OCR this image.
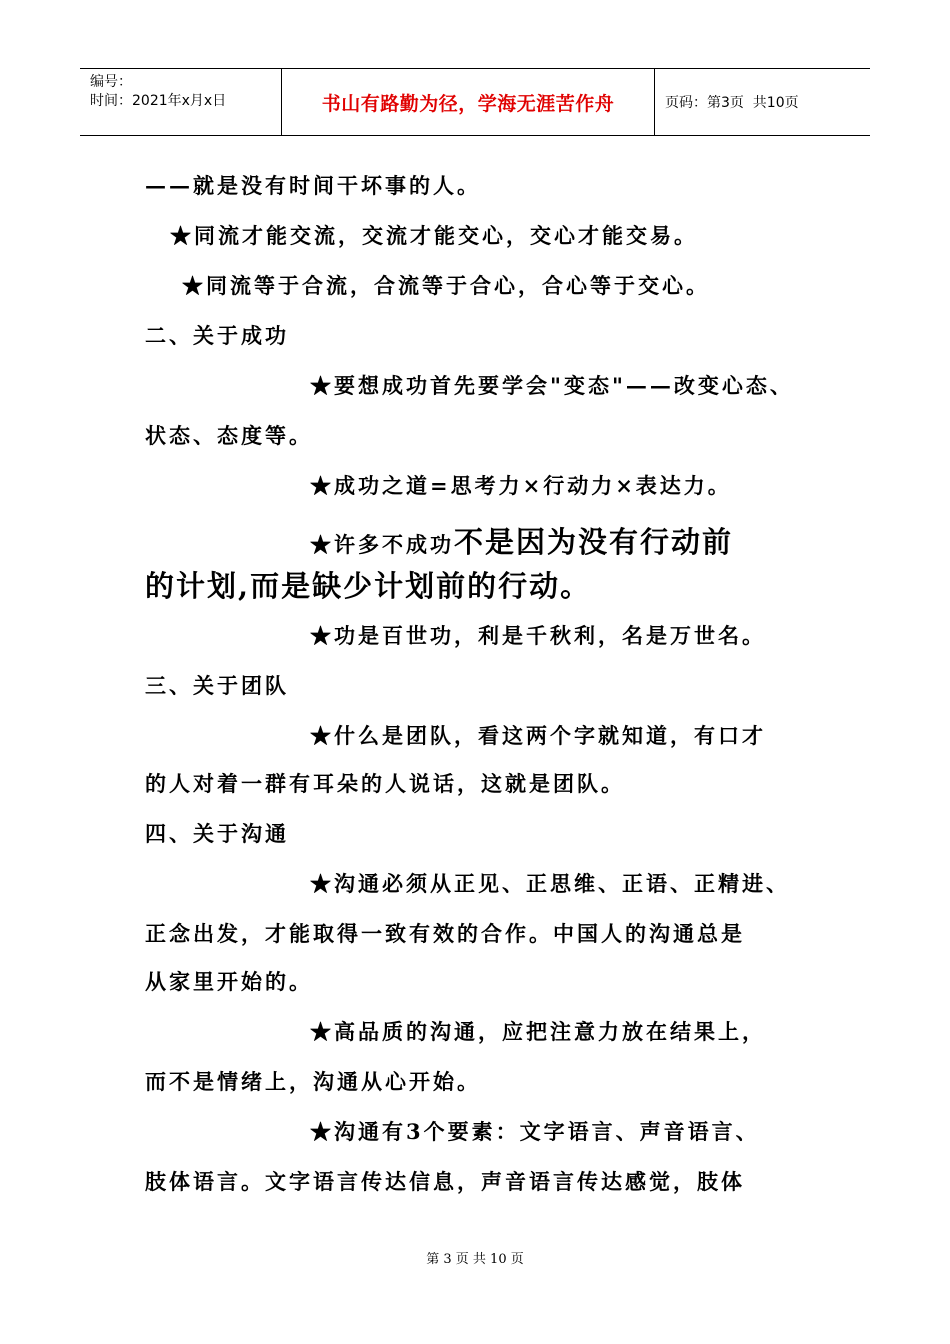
编号：
时间：2021年x月x日	书山有路勤为径，学海无涯苦作舟	页码：第3页  共10页
——就是没有时间干坏事的人。
★同流才能交流，交流才能交心，交心才能交易。
★同流等于合流，合流等于合心，合心等于交心。
二、关于成功
★要想成功首先要学会"变态"——改变心态、
状态、态度等。
★成功之道=思考力×行动力×表达力。
★许多不成功不是因为没有行动前
的计划,而是缺少计划前的行动。
★功是百世功，利是千秋利，名是万世名。
三、关于团队
★什么是团队，看这两个字就知道，有口才
的人对着一群有耳朵的人说话，这就是团队。
四、关于沟通
★沟通必须从正见、正思维、正语、正精进、
正念出发，才能取得一致有效的合作。中国人的沟通总是
从家里开始的。
★高品质的沟通，应把注意力放在结果上，
而不是情绪上，沟通从心开始。
★沟通有3个要素：文字语言、声音语言、
肢体语言。文字语言传达信息，声音语言传达感觉，肢体
第 3 页 共 10 页
